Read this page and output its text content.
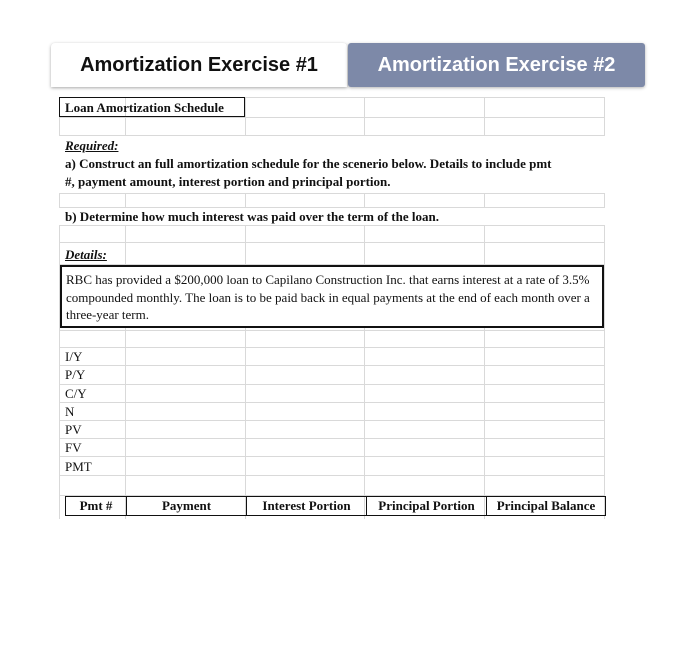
Amortization Exercise #1	Amortization Exercise #2
Loan Amortization Schedule
Required:
a) Construct an full amortization schedule for the scenerio below. Details to include pmt
#, payment amount, interest portion and principal portion.
b) Determine how much interest was paid over the term of the loan.
Details:
I/Y
P/Y
C/Y
N
PV
FV
PMT
RBC has provided a $200,000 loan to Capilano Construction Inc. that earns interest at a rate of 3.5% compounded monthly. The loan is to be paid back in equal payments at the end of each month over a three-year term.
Pmt #	Payment	Interest Portion	Principal Portion	Principal Balance
